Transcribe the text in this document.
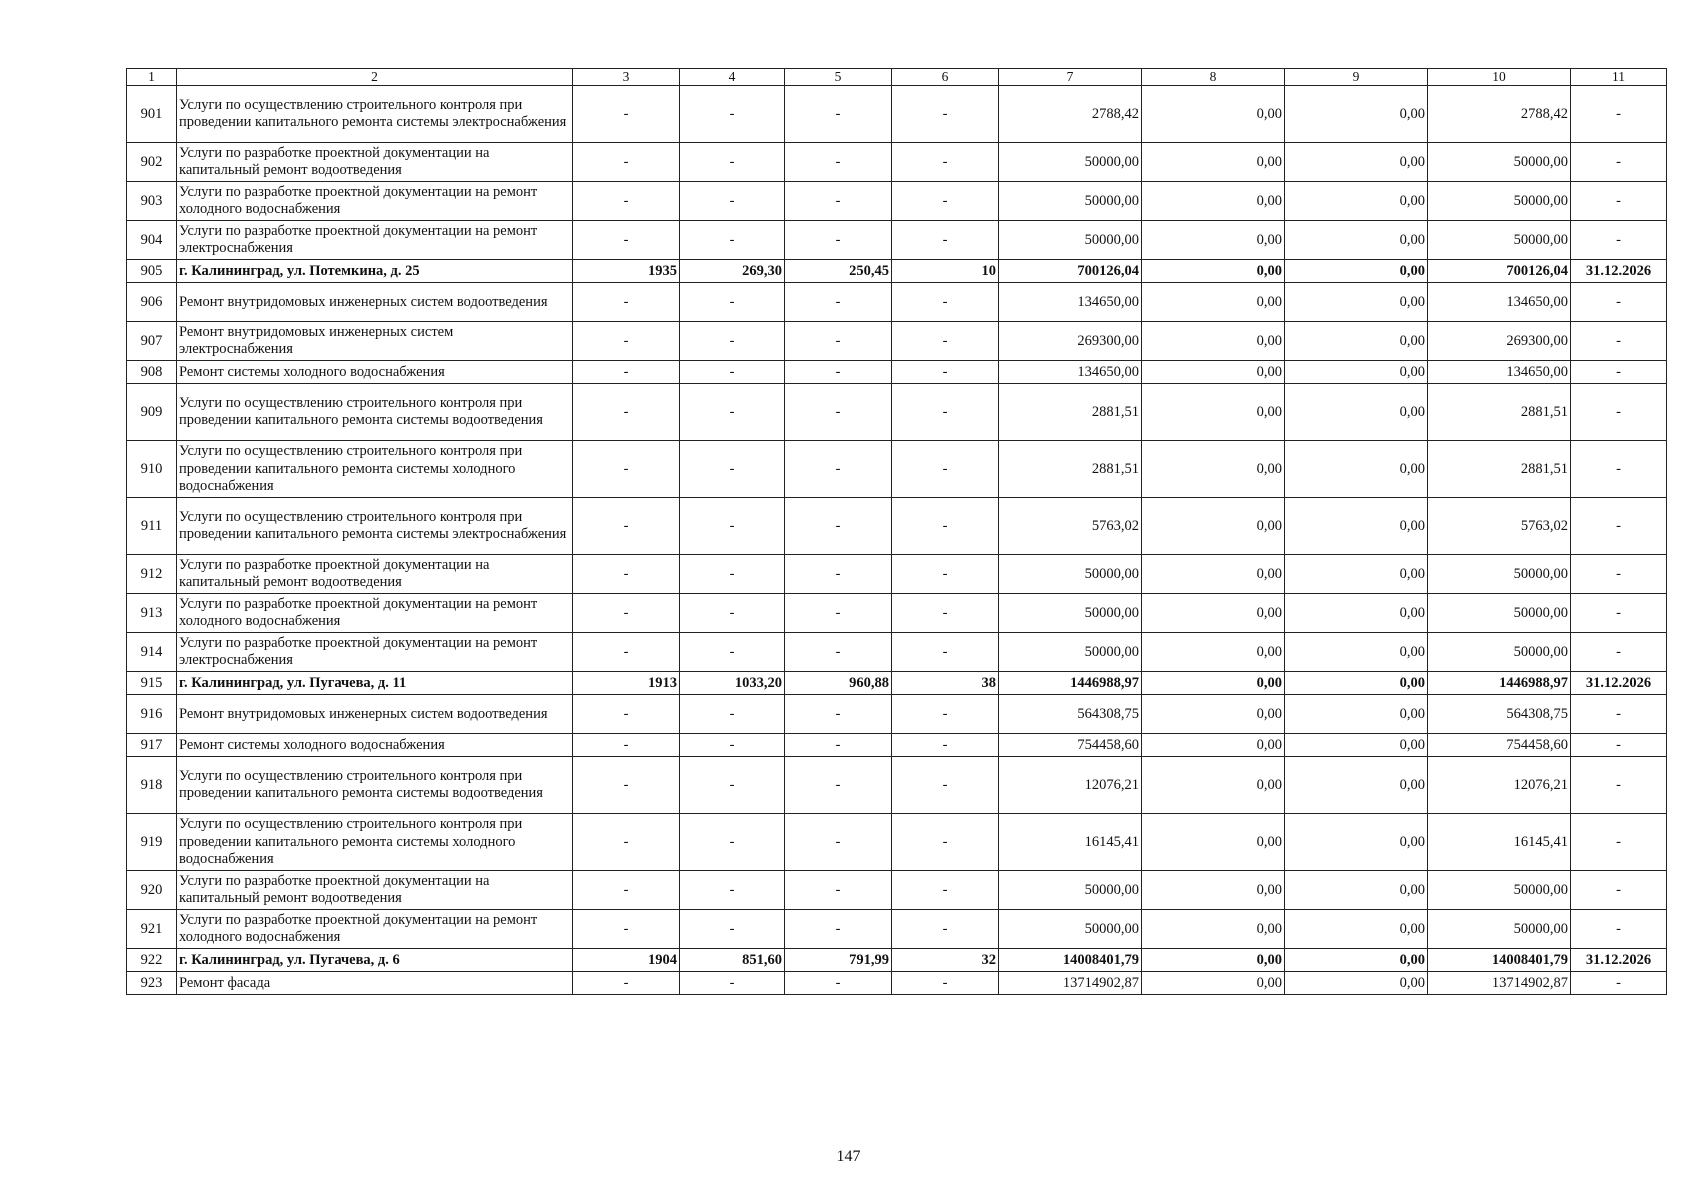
1	2	3	4	5	6	7	8	9	10	11
901	Услуги по осуществлению строительного контроля при проведении капитального ремонта системы электроснабжения	-	-	-	-	2788,42	0,00	0,00	2788,42	-
902	Услуги по разработке проектной документации на капитальный ремонт водоотведения	-	-	-	-	50000,00	0,00	0,00	50000,00	-
903	Услуги по разработке проектной документации на ремонт холодного водоснабжения	-	-	-	-	50000,00	0,00	0,00	50000,00	-
904	Услуги по разработке проектной документации на ремонт электроснабжения	-	-	-	-	50000,00	0,00	0,00	50000,00	-
905	г. Калининград, ул. Потемкина, д. 25	1935	269,30	250,45	10	700126,04	0,00	0,00	700126,04	31.12.2026
906	Ремонт внутридомовых инженерных систем водоотведения	-	-	-	-	134650,00	0,00	0,00	134650,00	-
907	Ремонт внутридомовых инженерных систем электроснабжения	-	-	-	-	269300,00	0,00	0,00	269300,00	-
908	Ремонт системы холодного водоснабжения	-	-	-	-	134650,00	0,00	0,00	134650,00	-
909	Услуги по осуществлению строительного контроля при проведении капитального ремонта системы водоотведения	-	-	-	-	2881,51	0,00	0,00	2881,51	-
910	Услуги по осуществлению строительного контроля при проведении капитального ремонта системы холодного водоснабжения	-	-	-	-	2881,51	0,00	0,00	2881,51	-
911	Услуги по осуществлению строительного контроля при проведении капитального ремонта системы электроснабжения	-	-	-	-	5763,02	0,00	0,00	5763,02	-
912	Услуги по разработке проектной документации на капитальный ремонт водоотведения	-	-	-	-	50000,00	0,00	0,00	50000,00	-
913	Услуги по разработке проектной документации на ремонт холодного водоснабжения	-	-	-	-	50000,00	0,00	0,00	50000,00	-
914	Услуги по разработке проектной документации на ремонт электроснабжения	-	-	-	-	50000,00	0,00	0,00	50000,00	-
915	г. Калининград, ул. Пугачева, д. 11	1913	1033,20	960,88	38	1446988,97	0,00	0,00	1446988,97	31.12.2026
916	Ремонт внутридомовых инженерных систем водоотведения	-	-	-	-	564308,75	0,00	0,00	564308,75	-
917	Ремонт системы холодного водоснабжения	-	-	-	-	754458,60	0,00	0,00	754458,60	-
918	Услуги по осуществлению строительного контроля при проведении капитального ремонта системы водоотведения	-	-	-	-	12076,21	0,00	0,00	12076,21	-
919	Услуги по осуществлению строительного контроля при проведении капитального ремонта системы холодного водоснабжения	-	-	-	-	16145,41	0,00	0,00	16145,41	-
920	Услуги по разработке проектной документации на капитальный ремонт водоотведения	-	-	-	-	50000,00	0,00	0,00	50000,00	-
921	Услуги по разработке проектной документации на ремонт холодного водоснабжения	-	-	-	-	50000,00	0,00	0,00	50000,00	-
922	г. Калининград, ул. Пугачева, д. 6	1904	851,60	791,99	32	14008401,79	0,00	0,00	14008401,79	31.12.2026
923	Ремонт фасада	-	-	-	-	13714902,87	0,00	0,00	13714902,87	-
147
